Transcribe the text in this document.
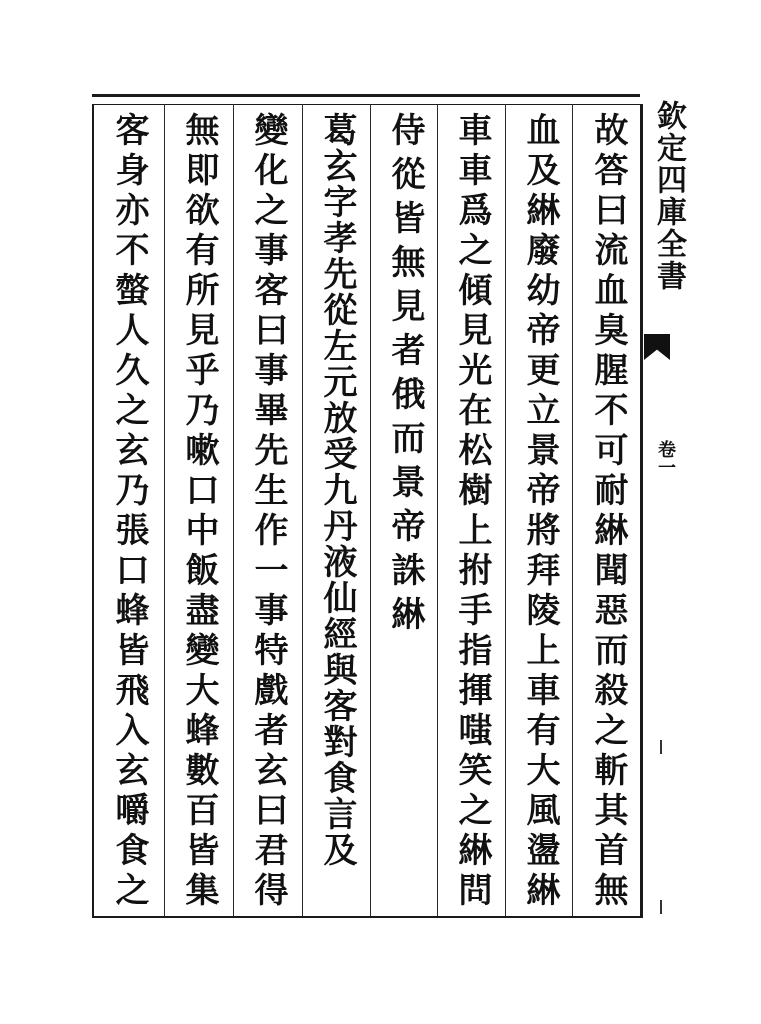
故答曰流血臭腥不可耐綝聞惡而殺之斬其首無
血及綝廢幼帝更立景帝將拜陵上車有大風盪綝
車車爲之傾見光在松樹上拊手指揮嗤笑之綝問
侍從皆無見者俄而景帝誅綝
葛玄字孝先從左元放受九丹液仙經與客對食言及
變化之事客曰事畢先生作一事特戲者玄曰君得
無即欲有所見乎乃嗽口中飯盡變大蜂數百皆集
客身亦不螫人久之玄乃張口蜂皆飛入玄嚼食之	欽定四庫全書
卷一
